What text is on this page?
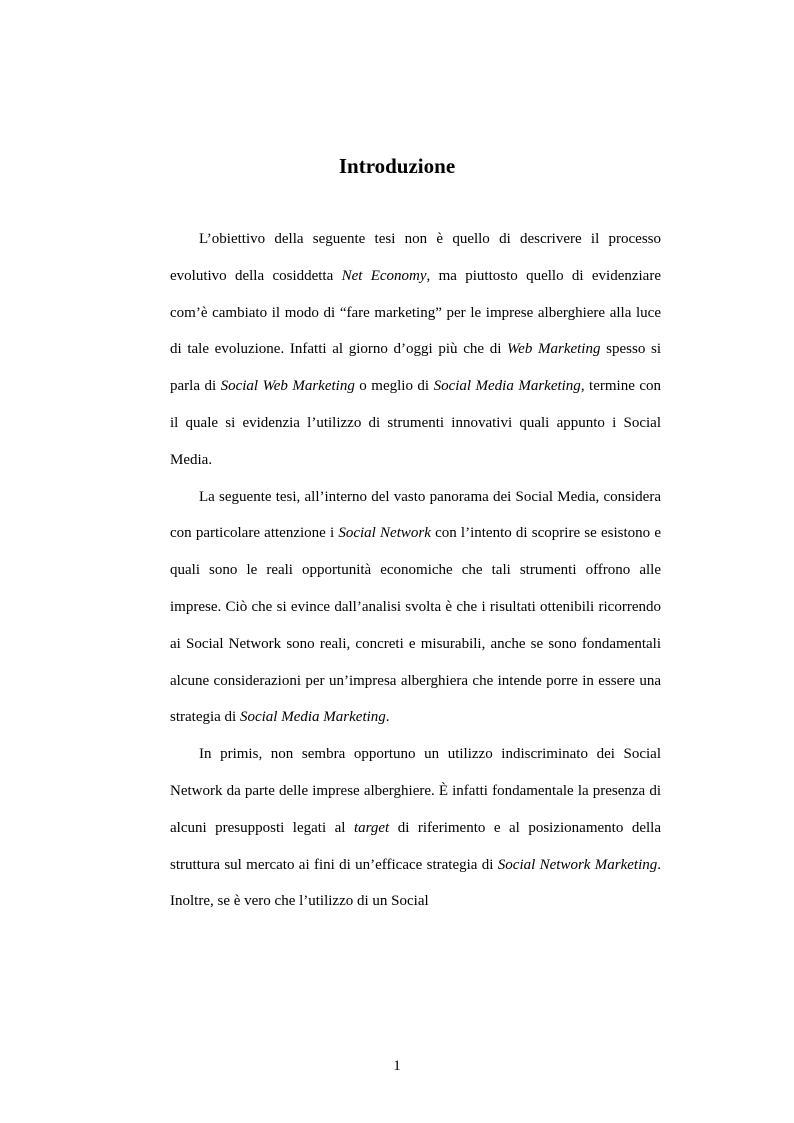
Introduzione

L’obiettivo della seguente tesi non è quello di descrivere il processo evolutivo della cosiddetta Net Economy, ma piuttosto quello di evidenziare com’è cambiato il modo di “fare marketing” per le imprese alberghiere alla luce di tale evoluzione. Infatti al giorno d’oggi più che di Web Marketing spesso si parla di Social Web Marketing o meglio di Social Media Marketing, termine con il quale si evidenzia l’utilizzo di strumenti innovativi quali appunto i Social Media.

La seguente tesi, all’interno del vasto panorama dei Social Media, considera con particolare attenzione i Social Network con l’intento di scoprire se esistono e quali sono le reali opportunità economiche che tali strumenti offrono alle imprese. Ciò che si evince dall’analisi svolta è che i risultati ottenibili ricorrendo ai Social Network sono reali, concreti e misurabili, anche se sono fondamentali alcune considerazioni per un’impresa alberghiera che intende porre in essere una strategia di Social Media Marketing.

In primis, non sembra opportuno un utilizzo indiscriminato dei Social Network da parte delle imprese alberghiere. È infatti fondamentale la presenza di alcuni presupposti legati al target di riferimento e al posizionamento della struttura sul mercato ai fini di un’efficace strategia di Social Network Marketing. Inoltre, se è vero che l’utilizzo di un Social

1
